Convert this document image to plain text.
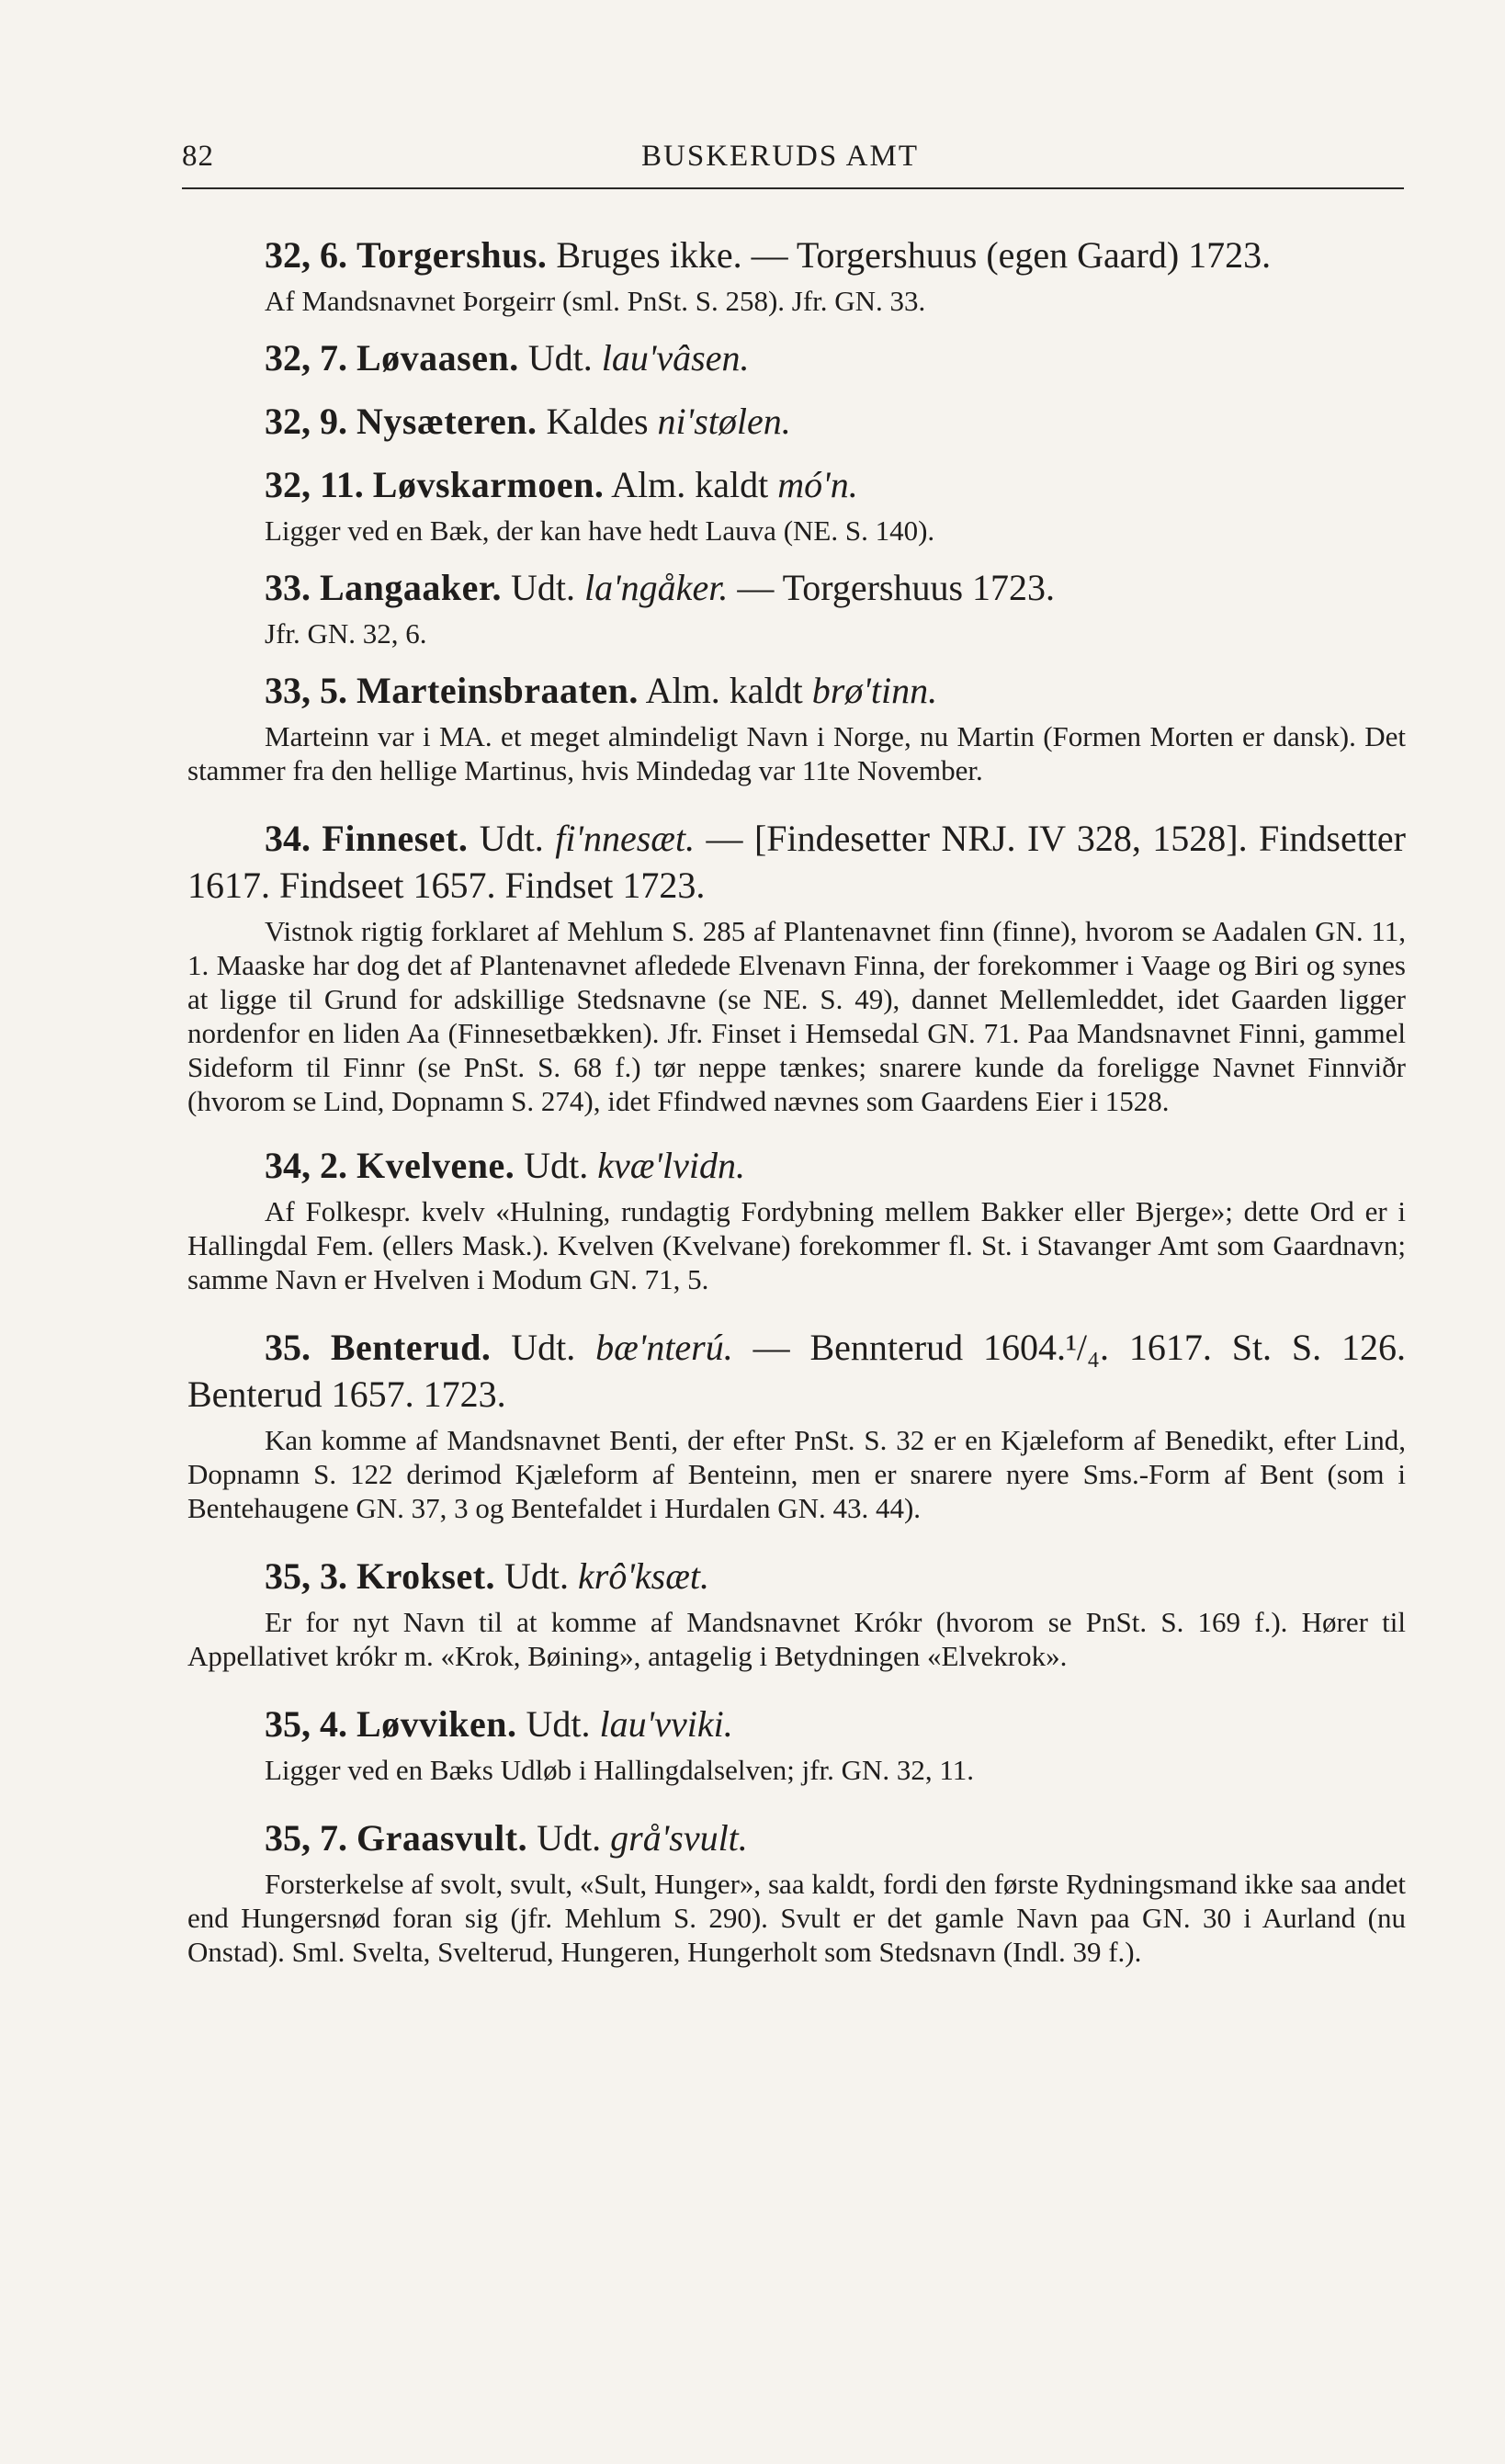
82	BUSKERUDS AMT

32, 6. Torgershus. Bruges ikke. — Torgershuus (egen Gaard) 1723.

Af Mandsnavnet Þorgeirr (sml. PnSt. S. 258). Jfr. GN. 33.

32, 7. Løvaasen. Udt. lau'vâsen.

32, 9. Nysæteren. Kaldes ni'stølen.

32, 11. Løvskarmoen. Alm. kaldt mó'n.

Ligger ved en Bæk, der kan have hedt Lauva (NE. S. 140).

33. Langaaker. Udt. la'ngåker. — Torgershuus 1723.

Jfr. GN. 32, 6.

33, 5. Marteinsbraaten. Alm. kaldt brø'tinn.

Marteinn var i MA. et meget almindeligt Navn i Norge, nu Martin (Formen Morten er dansk). Det stammer fra den hellige Martinus, hvis Mindedag var 11te November.

34. Finneset. Udt. fi'nnesæt. — [Findesetter NRJ. IV 328, 1528]. Findsetter 1617. Findseet 1657. Findset 1723.

Vistnok rigtig forklaret af Mehlum S. 285 af Plantenavnet finn (finne), hvorom se Aadalen GN. 11, 1. Maaske har dog det af Plantenavnet afledede Elvenavn Finna, der forekommer i Vaage og Biri og synes at ligge til Grund for adskillige Stedsnavne (se NE. S. 49), dannet Mellemleddet, idet Gaarden ligger nordenfor en liden Aa (Finnesetbækken). Jfr. Finset i Hemsedal GN. 71. Paa Mandsnavnet Finni, gammel Sideform til Finnr (se PnSt. S. 68 f.) tør neppe tænkes; snarere kunde da foreligge Navnet Finnviðr (hvorom se Lind, Dopnamn S. 274), idet Ffindwed nævnes som Gaardens Eier i 1528.

34, 2. Kvelvene. Udt. kvæ'lvidn.

Af Folkespr. kvelv «Hulning, rundagtig Fordybning mellem Bakker eller Bjerge»; dette Ord er i Hallingdal Fem. (ellers Mask.). Kvelven (Kvelvane) forekommer fl. St. i Stavanger Amt som Gaardnavn; samme Navn er Hvelven i Modum GN. 71, 5.

35. Benterud. Udt. bæ'nterú. — Bennterud 1604.¹/₄. 1617. St. S. 126. Benterud 1657. 1723.

Kan komme af Mandsnavnet Benti, der efter PnSt. S. 32 er en Kjæleform af Benedikt, efter Lind, Dopnamn S. 122 derimod Kjæleform af Benteinn, men er snarere nyere Sms.-Form af Bent (som i Bentehaugene GN. 37, 3 og Bentefaldet i Hurdalen GN. 43. 44).

35, 3. Krokset. Udt. krô'ksæt.

Er for nyt Navn til at komme af Mandsnavnet Krókr (hvorom se PnSt. S. 169 f.). Hører til Appellativet krókr m. «Krok, Bøining», antagelig i Betydningen «Elvekrok».

35, 4. Løvviken. Udt. lau'vviki.

Ligger ved en Bæks Udløb i Hallingdalselven; jfr. GN. 32, 11.

35, 7. Graasvult. Udt. grå'svult.

Forsterkelse af svolt, svult, «Sult, Hunger», saa kaldt, fordi den første Rydningsmand ikke saa andet end Hungersnød foran sig (jfr. Mehlum S. 290). Svult er det gamle Navn paa GN. 30 i Aurland (nu Onstad). Sml. Svelta, Svelterud, Hungeren, Hungerholt som Stedsnavn (Indl. 39 f.).
